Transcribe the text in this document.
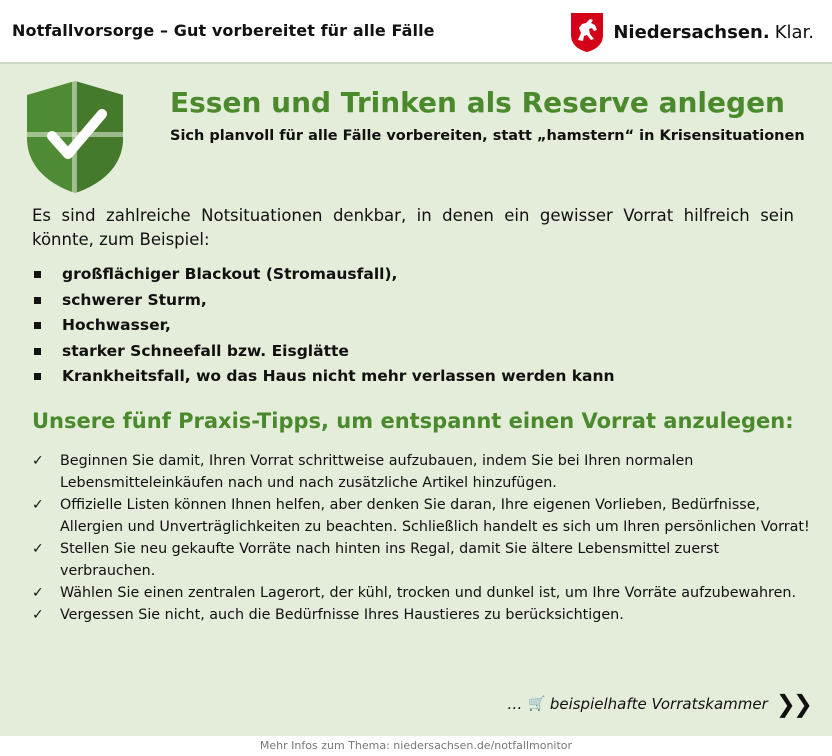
Notfallvorsorge – Gut vorbereitet für alle Fälle	Niedersachsen. Klar.
Essen und Trinken als Reserve anlegen
Sich planvoll für alle Fälle vorbereiten, statt „hamstern“ in Krisensituationen
Es sind zahlreiche Notsituationen denkbar, in denen ein gewisser Vorrat hilfreich sein könnte, zum Beispiel:
großflächiger Blackout (Stromausfall),
schwerer Sturm,
Hochwasser,
starker Schneefall bzw. Eisglätte
Krankheitsfall, wo das Haus nicht mehr verlassen werden kann
Unsere fünf Praxis-Tipps, um entspannt einen Vorrat anzulegen:
✓ Beginnen Sie damit, Ihren Vorrat schrittweise aufzubauen, indem Sie bei Ihren normalen Lebensmitteleinkäufen nach und nach zusätzliche Artikel hinzufügen.
✓ Offizielle Listen können Ihnen helfen, aber denken Sie daran, Ihre eigenen Vorlieben, Bedürfnisse, Allergien und Unverträglichkeiten zu beachten. Schließlich handelt es sich um Ihren persönlichen Vorrat!
✓ Stellen Sie neu gekaufte Vorräte nach hinten ins Regal, damit Sie ältere Lebensmittel zuerst verbrauchen.
✓ Wählen Sie einen zentralen Lagerort, der kühl, trocken und dunkel ist, um Ihre Vorräte aufzubewahren.
✓ Vergessen Sie nicht, auch die Bedürfnisse Ihres Haustieres zu berücksichtigen.
… 🛒 beispielhafte Vorratskammer ❯❯
Mehr Infos zum Thema: niedersachsen.de/notfallmonitor
